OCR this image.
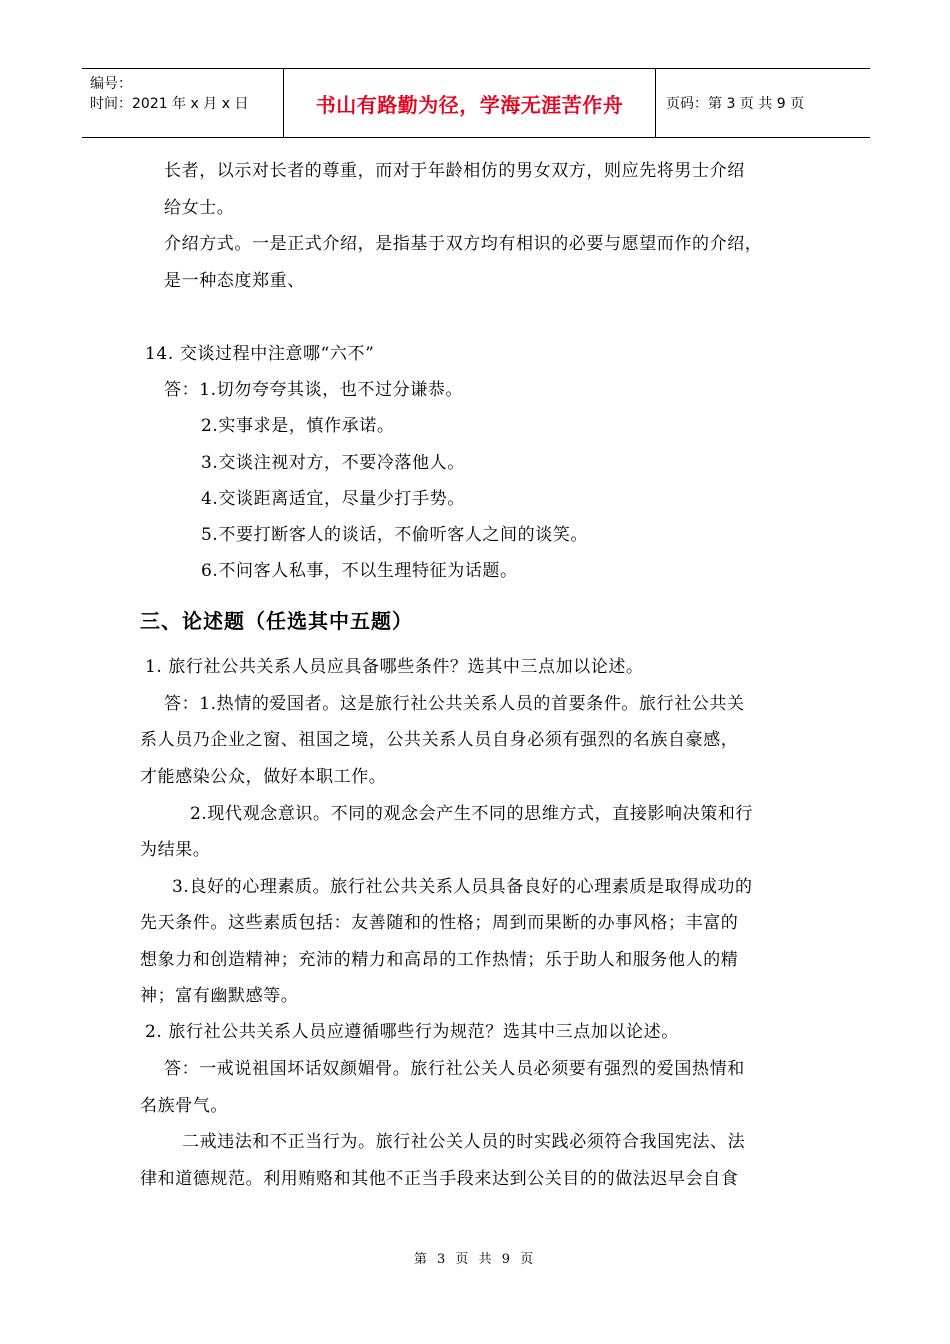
编号：
时间：2021 年 x 月 x 日	书山有路勤为径，学海无涯苦作舟	页码：第 3 页 共 9 页
长者，以示对长者的尊重，而对于年龄相仿的男女双方，则应先将男士介绍
给女士。
介绍方式。一是正式介绍，是指基于双方均有相识的必要与愿望而作的介绍，
是一种态度郑重、
14. 交谈过程中注意哪“六不”
答：1.切勿夸夸其谈，也不过分谦恭。
2.实事求是，慎作承诺。
3.交谈注视对方，不要冷落他人。
4.交谈距离适宜，尽量少打手势。
5.不要打断客人的谈话，不偷听客人之间的谈笑。
6.不问客人私事，不以生理特征为话题。
三、论述题（任选其中五题）
1. 旅行社公共关系人员应具备哪些条件？选其中三点加以论述。
答：1.热情的爱国者。这是旅行社公共关系人员的首要条件。旅行社公共关
系人员乃企业之窗、祖国之境，公共关系人员自身必须有强烈的名族自豪感，
才能感染公众，做好本职工作。
2.现代观念意识。不同的观念会产生不同的思维方式，直接影响决策和行
为结果。
3.良好的心理素质。旅行社公共关系人员具备良好的心理素质是取得成功的
先天条件。这些素质包括：友善随和的性格；周到而果断的办事风格；丰富的
想象力和创造精神；充沛的精力和高昂的工作热情；乐于助人和服务他人的精
神；富有幽默感等。
2. 旅行社公共关系人员应遵循哪些行为规范？选其中三点加以论述。
答：一戒说祖国坏话奴颜媚骨。旅行社公关人员必须要有强烈的爱国热情和
名族骨气。
二戒违法和不正当行为。旅行社公关人员的时实践必须符合我国宪法、法
律和道德规范。利用贿赂和其他不正当手段来达到公关目的的做法迟早会自食
第 3 页 共 9 页
